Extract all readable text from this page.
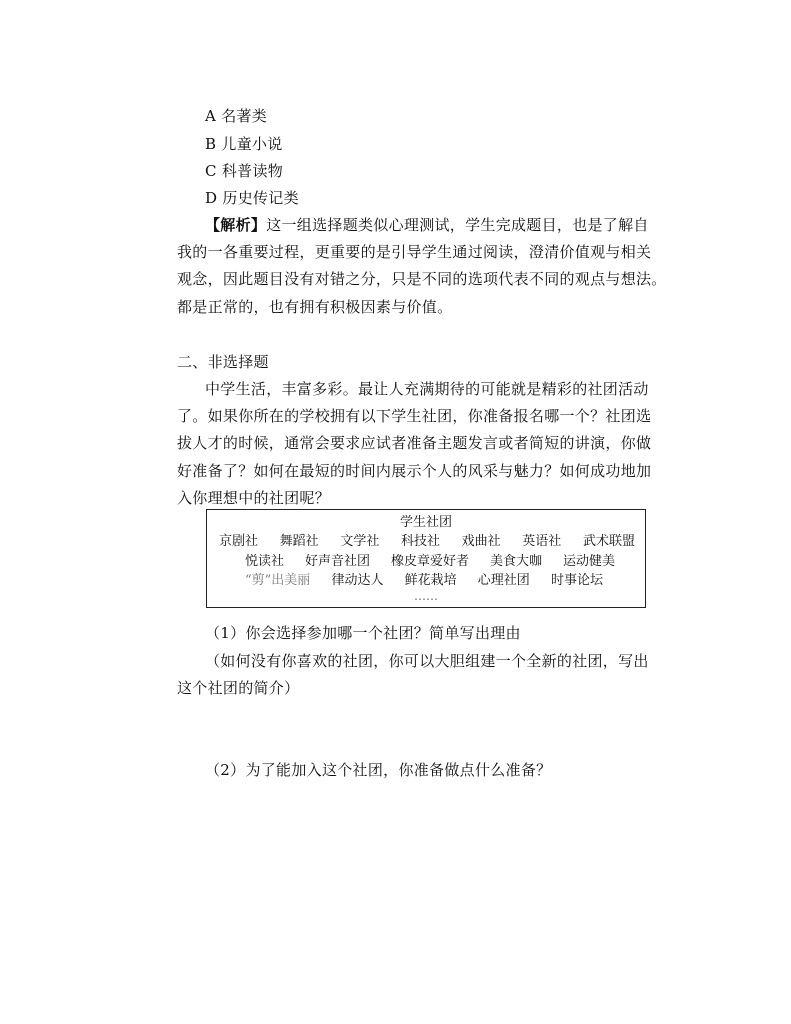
A 名著类
B 儿童小说
C 科普读物
D 历史传记类
【解析】这一组选择题类似心理测试，学生完成题目，也是了解自
我的一各重要过程，更重要的是引导学生通过阅读，澄清价值观与相关
观念，因此题目没有对错之分，只是不同的选项代表不同的观点与想法。
都是正常的，也有拥有积极因素与价值。
二、非选择题
中学生活，丰富多彩。最让人充满期待的可能就是精彩的社团活动
了。如果你所在的学校拥有以下学生社团，你准备报名哪一个？社团选
拔人才的时候，通常会要求应试者准备主题发言或者简短的讲演，你做
好准备了？如何在最短的时间内展示个人的风采与魅力？如何成功地加
入你理想中的社团呢？
学生社团
京剧社 舞蹈社 文学社 科技社 戏曲社 英语社 武术联盟
悦读社 好声音社团 橡皮章爱好者 美食大咖 运动健美
“剪”出美丽 律动达人 鲜花栽培 心理社团 时事论坛
……
（1）你会选择参加哪一个社团？简单写出理由
（如何没有你喜欢的社团，你可以大胆组建一个全新的社团，写出
这个社团的简介）
（2）为了能加入这个社团，你准备做点什么准备？
